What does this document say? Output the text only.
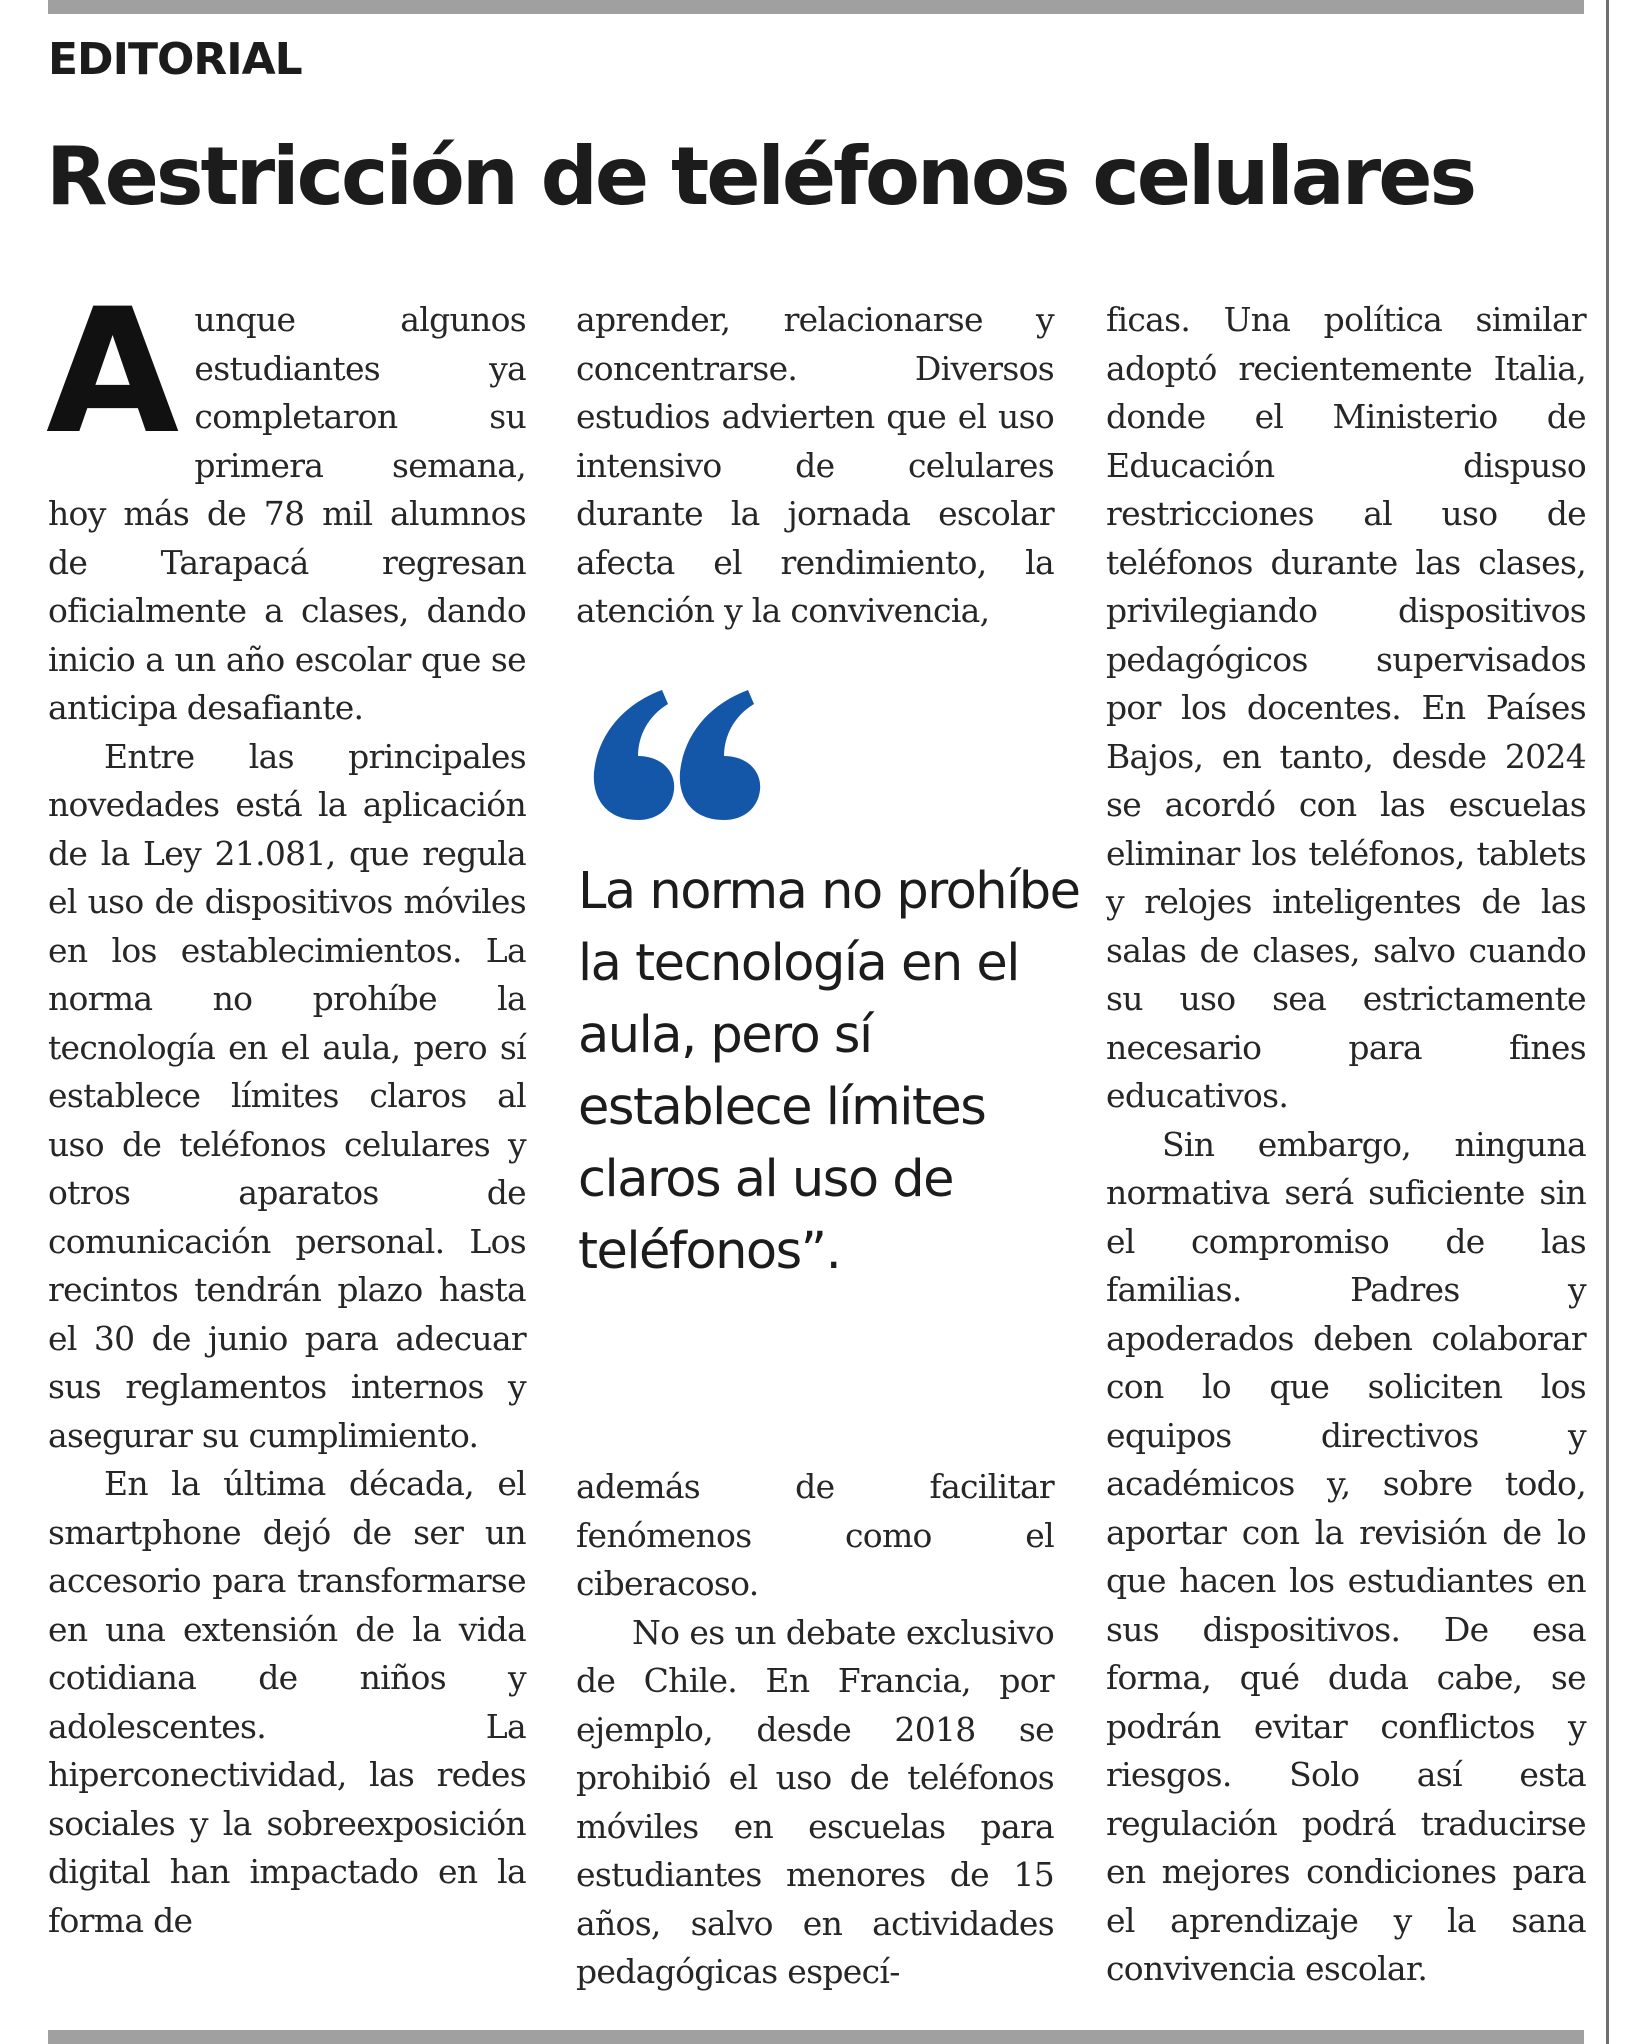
EDITORIAL
Restricción de teléfonos celulares

Aunque algunos estudiantes ya completaron su primera semana, hoy más de 78 mil alumnos de Tarapacá regresan oficialmente a clases, dando inicio a un año escolar que se anticipa desafiante.

Entre las principales novedades está la aplicación de la Ley 21.081, que regula el uso de dispositivos móviles en los establecimientos. La norma no prohíbe la tecnología en el aula, pero sí establece límites claros al uso de teléfonos celulares y otros aparatos de comunicación personal. Los recintos tendrán plazo hasta el 30 de junio para adecuar sus reglamentos internos y asegurar su cumplimiento.

En la última década, el smartphone dejó de ser un accesorio para transformarse en una extensión de la vida cotidiana de niños y adolescentes. La hiperconectividad, las redes sociales y la sobreexposición digital han impactado en la forma de

aprender, relacionarse y concentrarse. Diversos estudios advierten que el uso intensivo de celulares durante la jornada escolar afecta el rendimiento, la atención y la convivencia,

La norma no prohíbe la tecnología en el aula, pero sí establece límites claros al uso de teléfonos”.

además de facilitar fenómenos como el ciberacoso.

No es un debate exclusivo de Chile. En Francia, por ejemplo, desde 2018 se prohibió el uso de teléfonos móviles en escuelas para estudiantes menores de 15 años, salvo en actividades pedagógicas especí-

ficas. Una política similar adoptó recientemente Italia, donde el Ministerio de Educación dispuso restricciones al uso de teléfonos durante las clases, privilegiando dispositivos pedagógicos supervisados por los docentes. En Países Bajos, en tanto, desde 2024 se acordó con las escuelas eliminar los teléfonos, tablets y relojes inteligentes de las salas de clases, salvo cuando su uso sea estrictamente necesario para fines educativos.

Sin embargo, ninguna normativa será suficiente sin el compromiso de las familias. Padres y apoderados deben colaborar con lo que soliciten los equipos directivos y académicos y, sobre todo, aportar con la revisión de lo que hacen los estudiantes en sus dispositivos. De esa forma, qué duda cabe, se podrán evitar conflictos y riesgos. Solo así esta regulación podrá traducirse en mejores condiciones para el aprendizaje y la sana convivencia escolar.
